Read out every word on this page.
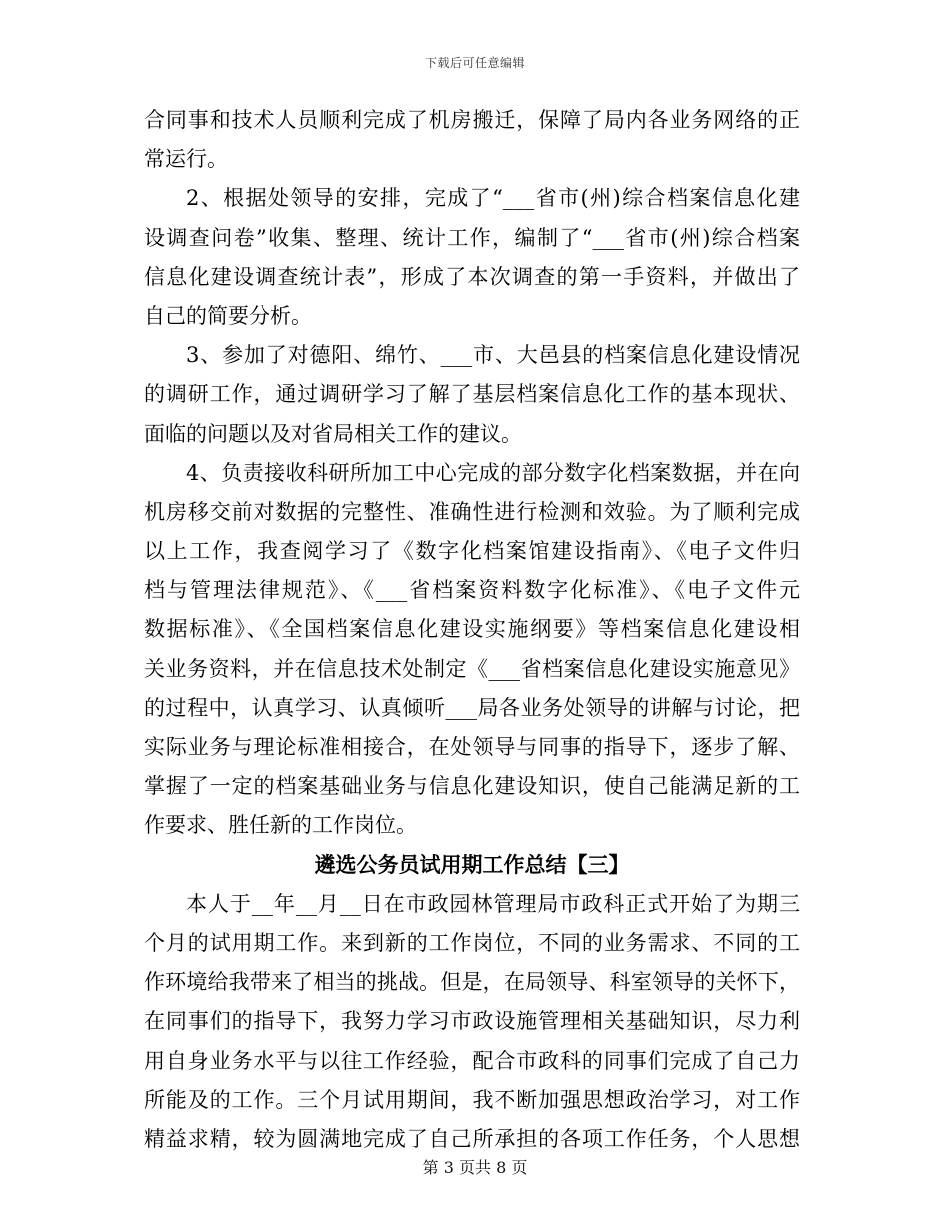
下载后可任意编辑
合同事和技术人员顺利完成了机房搬迁，保障了局内各业务网络的正
常运行。
2、根据处领导的安排，完成了“___省市(州)综合档案信息化建
设调查问卷”收集、整理、统计工作，编制了“___省市(州)综合档案
信息化建设调查统计表”，形成了本次调查的第一手资料，并做出了
自己的简要分析。
3、参加了对德阳、绵竹、___市、大邑县的档案信息化建设情况
的调研工作，通过调研学习了解了基层档案信息化工作的基本现状、
面临的问题以及对省局相关工作的建议。
4、负责接收科研所加工中心完成的部分数字化档案数据，并在向
机房移交前对数据的完整性、准确性进行检测和效验。为了顺利完成
以上工作，我查阅学习了《数字化档案馆建设指南》、《电子文件归
档与管理法律规范》、《___省档案资料数字化标准》、《电子文件元
数据标准》、《全国档案信息化建设实施纲要》等档案信息化建设相
关业务资料，并在信息技术处制定《___省档案信息化建设实施意见》
的过程中，认真学习、认真倾听___局各业务处领导的讲解与讨论，把
实际业务与理论标准相接合，在处领导与同事的指导下，逐步了解、
掌握了一定的档案基础业务与信息化建设知识，使自己能满足新的工
作要求、胜任新的工作岗位。
遴选公务员试用期工作总结【三】
本人于__年__月__日在市政园林管理局市政科正式开始了为期三
个月的试用期工作。来到新的工作岗位，不同的业务需求、不同的工
作环境给我带来了相当的挑战。但是，在局领导、科室领导的关怀下，
在同事们的指导下，我努力学习市政设施管理相关基础知识，尽力利
用自身业务水平与以往工作经验，配合市政科的同事们完成了自己力
所能及的工作。三个月试用期间，我不断加强思想政治学习，对工作
精益求精，较为圆满地完成了自己所承担的各项工作任务，个人思想
第 3 页共 8 页
